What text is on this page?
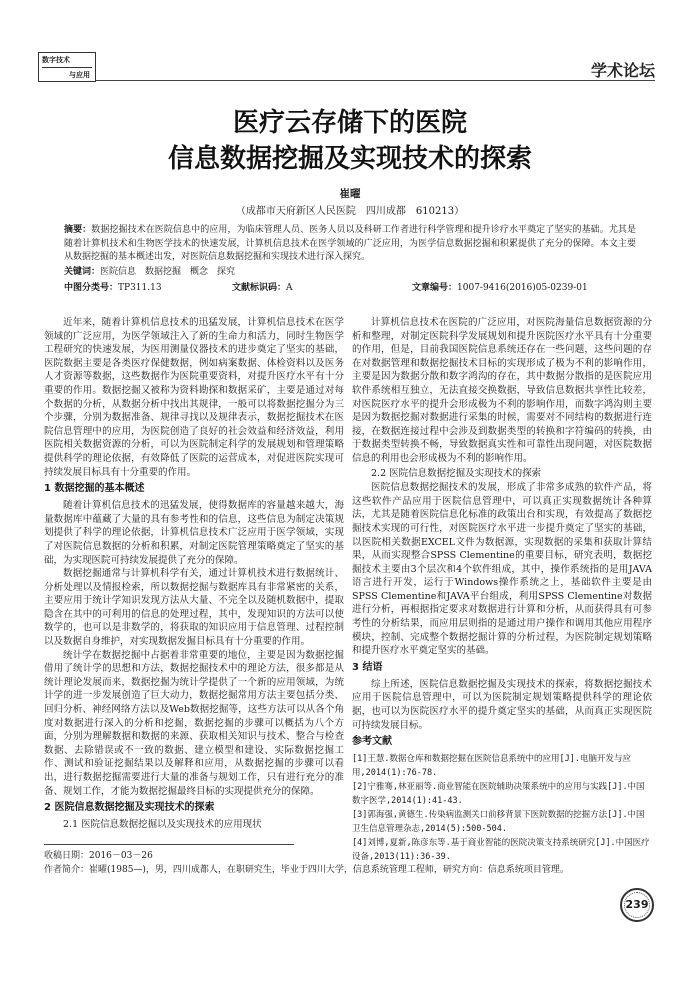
数字技术
与应用	学术论坛
医疗云存储下的医院
信息数据挖掘及实现技术的探索
崔曜
（成都市天府新区人民医院　四川成都　610213）
摘要：数据挖掘技术在医院信息中的应用，为临床管理人员、医务人员以及科研工作者进行科学管理和提升诊疗水平奠定了坚实的基础。尤其是随着计算机技术和生物医学技术的快速发展，计算机信息技术在医学领域的广泛应用，为医学信息数据挖掘和积累提供了充分的保障。本文主要从数据挖掘的基本概述出发，对医院信息数据挖掘和实现技术进行深入探究。
关键词：医院信息　数据挖掘　概念　探究
中图分类号：TP311.13	文献标识码：A	文章编号：1007-9416(2016)05-0239-01

近年来，随着计算机信息技术的迅猛发展，计算机信息技术在医学领域的广泛应用，为医学领域注入了新的生命力和活力，同时生物医学工程研究的快速发展，为医用测量仪器技术的进步奠定了坚实的基础，医院数据主要是各类医疗保健数据，例如病案数据、体检资料以及医务人才资源等数据，这些数据作为医院重要资料，对提升医疗水平有十分重要的作用。数据挖掘又被称为资料勘探和数据采矿，主要是通过对每个数据的分析，从数据分析中找出其规律，一般可以将数据挖掘分为三个步骤，分别为数据准备、规律寻找以及规律表示，数据挖掘技术在医院信息管理中的应用，为医院创造了良好的社会效益和经济效益，利用医院相关数据资源的分析，可以为医院制定科学的发展规划和管理策略提供科学的理论依据，有效降低了医院的运营成本，对促进医院实现可持续发展目标具有十分重要的作用。

1 数据挖掘的基本概述

随着计算机信息技术的迅猛发展，使得数据库的容量越来越大，海量数据库中蕴藏了大量的具有参考性和的信息，这些信息为制定决策规划提供了科学的理论依据，计算机信息技术广泛应用于医学领域，实现了对医院信息数据的分析和积累，对制定医院管理策略奠定了坚实的基础，为实现医院可持续发展提供了充分的保障。

数据挖掘通常与计算机科学有关，通过计算机技术进行数据统计、分析处理以及情报检索，所以数据挖掘与数据库具有非常紧密的关系，主要应用于统计学知识发现方法从大量、不完全以及随机数据中，提取隐含在其中的可利用的信息的处理过程，其中，发现知识的方法可以使数学的，也可以是非数学的，将获取的知识应用于信息管理、过程控制以及数据自身维护，对实现数据发掘目标具有十分重要的作用。

统计学在数据挖掘中占据着非常重要的地位，主要是因为数据挖掘借用了统计学的思想和方法，数据挖掘技术中的理论方法，很多都是从统计理论发展而来，数据挖掘为统计学提供了一个新的应用领域，为统计学的进一步发展创造了巨大动力，数据挖掘常用方法主要包括分类、回归分析、神经网络方法以及Web数据挖掘等，这些方法可以从各个角度对数据进行深入的分析和挖掘，数据挖掘的步骤可以概括为八个方面，分别为理解数据和数据的来源、获取相关知识与技术、整合与检查数据、去除错误或不一致的数据、建立模型和建设、实际数据挖掘工作、测试和验证挖掘结果以及解释和应用，从数据挖掘的步骤可以看出，进行数据挖掘需要进行大量的准备与规划工作，只有进行充分的准备、规划工作，才能为数据挖掘最终目标的实现提供充分的保障。

2 医院信息数据挖掘及实现技术的探索
2.1 医院信息数据挖掘以及实现技术的应用现状

计算机信息技术在医院的广泛应用，对医院海量信息数据资源的分析和整理，对制定医院科学发展规划和提升医院医疗水平具有十分重要的作用，但是，目前我国医院信息系统还存在一些问题，这些问题的存在对数据管理和数据挖掘技术目标的实现形成了极为不利的影响作用，主要是因为数据分散和数字鸿沟的存在，其中数据分散指的是医院应用软件系统相互独立，无法直接交换数据，导致信息数据共享性比较差，对医院医疗水平的提升会形成极为不利的影响作用，而数字鸿沟则主要是因为数据挖掘对数据进行采集的时候，需要对不同结构的数据进行连接，在数据连接过程中会涉及到数据类型的转换和字符编码的转换，由于数据类型转换不畅，导致数据真实性和可靠性出现问题，对医院数据信息的利用也会形成极为不利的影响作用。

2.2 医院信息数据挖掘及实现技术的探索

医院信息数据挖掘技术的发展，形成了非常多成熟的软件产品，将这些软件产品应用于医院信息管理中，可以真正实现数据统计各种算法，尤其是随着医院信息化标准的政策出台和实现，有效提高了数据挖掘技术实现的可行性，对医院医疗水平进一步提升奠定了坚实的基础，以医院相关数据EXCEL文件为数据源，实现数据的采集和获取计算结果，从而实现整合SPSS Clementine的重要目标，研究表明，数据挖掘技术主要由3个层次和4个软件组成，其中，操作系统指的是用JAVA语言进行开发，运行于Windows操作系统之上，基础软件主要是由SPSS Clementine和JAVA平台组成，利用SPSS Clementine对数据进行分析，再根据指定要求对数据进行计算和分析，从而获得具有可参考性的分析结果，而应用层则指的是通过用户操作和调用其他应用程序模块，控制、完成整个数据挖掘计算的分析过程，为医院制定规划策略和提升医疗水平奠定坚实的基础。

3 结语

综上所述，医院信息数据挖掘及实现技术的探索，将数据挖掘技术应用于医院信息管理中，可以为医院制定规划策略提供科学的理论依据，也可以为医院医疗水平的提升奠定坚实的基础，从而真正实现医院可持续发展目标。

参考文献
[1]王慧.数据仓库和数据挖掘在医院信息系统中的应用[J].电脑开发与应用,2014(1):76-78.
[2]宁雅骞,林亚丽等.商业智能在医院辅助决策系统中的应用与实践[J].中国数字医学,2014(1):41-43.
[3]郭海强,黄德生.传染病监测关口前移背景下医院数据的挖掘方法[J].中国卫生信息管理杂志,2014(5):500-504.
[4]刘博,夏新,陈彦东等.基于商业智能的医院决策支持系统研究[J].中国医疗设备,2013(11):36-39.
收稿日期：2016－03－26
作者简介：崔曜(1985—)，男，四川成都人，在职研究生，毕业于四川大学，信息系统管理工程师，研究方向：信息系统项目管理。
239
